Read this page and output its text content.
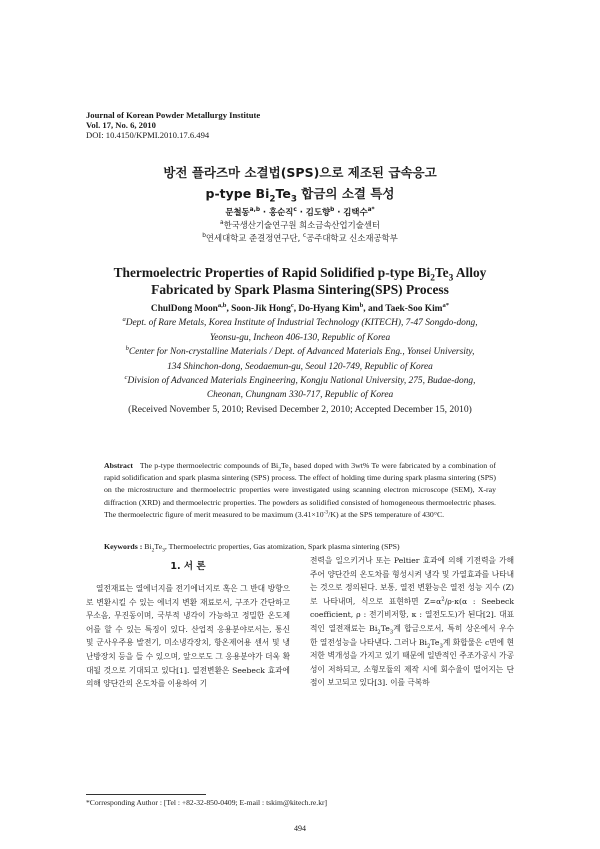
Journal of Korean Powder Metallurgy Institute
Vol. 17, No. 6, 2010
DOI: 10.4150/KPMI.2010.17.6.494
방전 플라즈마 소결법(SPS)으로 제조된 급속응고
p-type $Bi_2Te_3$ 합금의 소결 특성
문철동$^{a,b}$ · 홍순직$^c$ · 김도향$^b$ · 김택수$^{a*}$
$^a$한국생산기술연구원 희소금속산업기술센터
$^b$연세대학교 준결정연구단, $^c$공주대학교 신소재공학부
Thermoelectric Properties of Rapid Solidified p-type $Bi_2Te_3$ Alloy
Fabricated by Spark Plasma Sintering(SPS) Process
ChulDong Moon$^{a,b}$, Soon-Jik Hong$^c$, Do-Hyang Kim$^b$, and Taek-Soo Kim$^{a*}$
$^a$Dept. of Rare Metals, Korea Institute of Industrial Technology (KITECH), 7-47 Songdo-dong,
Yeonsu-gu, Incheon 406-130, Republic of Korea
$^b$Center for Non-crystalline Materials / Dept. of Advanced Materials Eng., Yonsei University,
134 Shinchon-dong, Seodaemun-gu, Seoul 120-749, Republic of Korea
$^c$Division of Advanced Materials Engineering, Kongju National University, 275, Budae-dong,
Cheonan, Chungnam 330-717, Republic of Korea
(Received November 5, 2010; Revised December 2, 2010; Accepted December 15, 2010)
Abstract The p-type thermoelectric compounds of $Bi_2Te_3$ based doped with 3wt% Te were fabricated by a combination of rapid solidification and spark plasma sintering (SPS) process. The effect of holding time during spark plasma sintering (SPS) on the microstructure and thermoelectric properties were investigated using scanning electron microscope (SEM), X-ray diffraction (XRD) and thermoelectric properties. The powders as solidified consisted of homogeneous thermoelectric phases. The thermoelectric figure of merit measured to be maximum $(3.41\times 10^{-3}/K)$ at the SPS temperature of 430°C.
Keywords : $Bi_2Te_3$, Thermoelectric properties, Gas atomization, Spark plasma sintering (SPS)
1. 서 론

열전재료는 열에너지를 전기에너지로 혹은 그 반대 방향으로 변환시킬 수 있는 에너지 변환 재료로서, 구조가 간단하고 무소음, 무진동이며, 국부적 냉각이 가능하고 정밀한 온도제어를 할 수 있는 특징이 있다. 산업적 응용분야로서는, 통신 및 군사우주용 발전기, 미소냉각장치, 항온제어용 센서 및 냉난방장치 등을 들 수 있으며, 앞으로도 그 응용분야가 더욱 확대될 것으로 기대되고 있다[1]. 열전변환은 Seebeck 효과에 의해 양단간의 온도차를 이용하여 기

전력을 일으키거나 또는 Peltier 효과에 의해 기전력을 가해주어 양단간의 온도차를 형성시켜 냉각 및 가열효과를 나타내는 것으로 정의된다. 보통, 열전 변환능은 열전 성능 지수 (Z)로 나타내며, 식으로 표현하면 $Z=\alpha^2/\rho\cdot\kappa(\alpha$ : Seebeck coefficient, ρ : 전기비저항, κ : 열전도도)가 된다[2]. 대표적인 열전재료는 $Bi_2Te_3$계 합금으로서, 특히 상온에서 우수한 열전성능을 나타낸다. 그러나 $Bi_2Te_3$계 화합물은 c면에 현저한 벽개성을 가지고 있기 때문에 일반적인 주조가공시 가공성이 저하되고, 소형모듈의 제작 시에 회수율이 떨어지는 단점이 보고되고 있다[3]. 이를 극복하

*Corresponding Author : [Tel : +82-32-850-0409; E-mail : tskim@kitech.re.kr]
494
